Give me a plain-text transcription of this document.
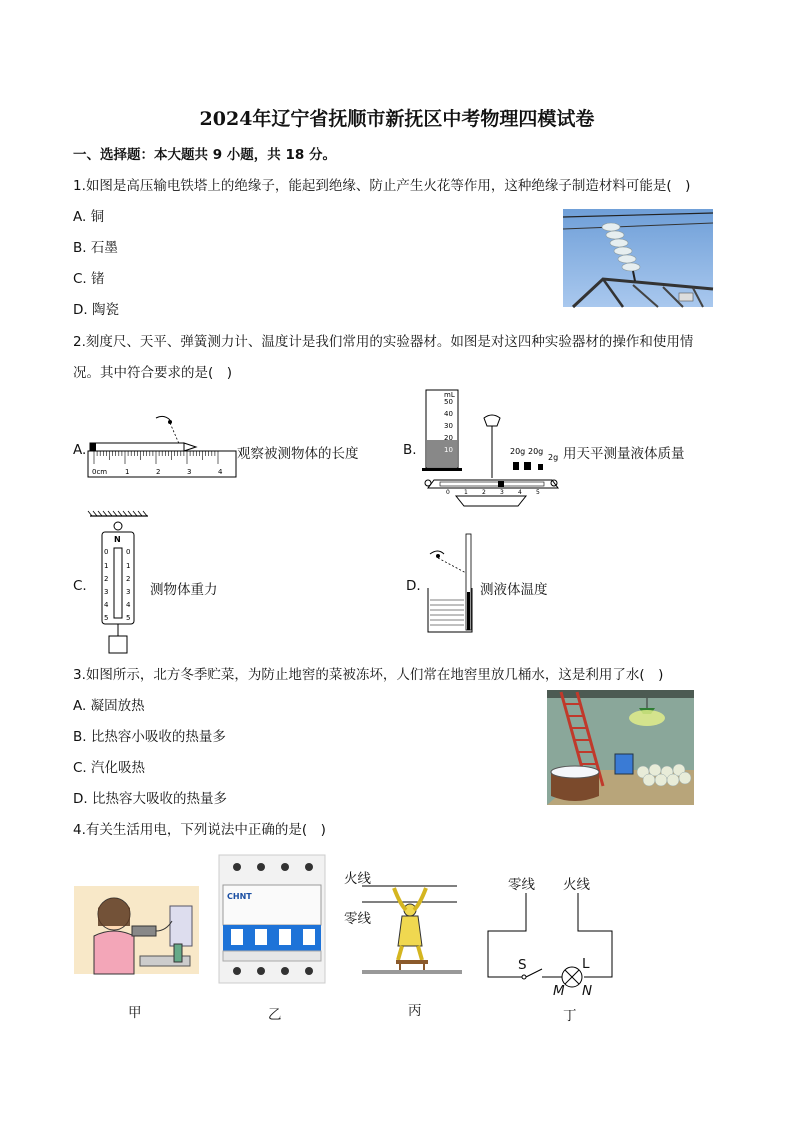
2024年辽宁省抚顺市新抚区中考物理四模试卷
一、选择题：本大题共 9 小题，共 18 分。
1.如图是高压输电铁塔上的绝缘子，能起到绝缘、防止产生火花等作用，这种绝缘子制造材料可能是(　)
A. 铜
B. 石墨
C. 锗
D. 陶瓷
2.刻度尺、天平、弹簧测力计、温度计是我们常用的实验器材。如图是对这四种实验器材的操作和使用情
况。其中符合要求的是(　)
A.
0cm	1	2	3	4
观察被测物体的长度	B.
mL
50
40
30
20
10	20g 20g
2g
0 1 2 3 4 5
用天平测量液体质量
C.
N
0	0
1	1
2	2
3	3
4	4
5	5
测物体重力	D.	测液体温度
3.如图所示，北方冬季贮菜，为防止地窖的菜被冻坏，人们常在地窖里放几桶水，这是利用了水(　)
A. 凝固放热
B. 比热容小吸收的热量多
C. 汽化吸热
D. 比热容大吸收的热量多
4.有关生活用电，下列说法中正确的是(　)
CHNT
火线
零线
零线 火线
S	L
M N
甲	乙	丙	丁
